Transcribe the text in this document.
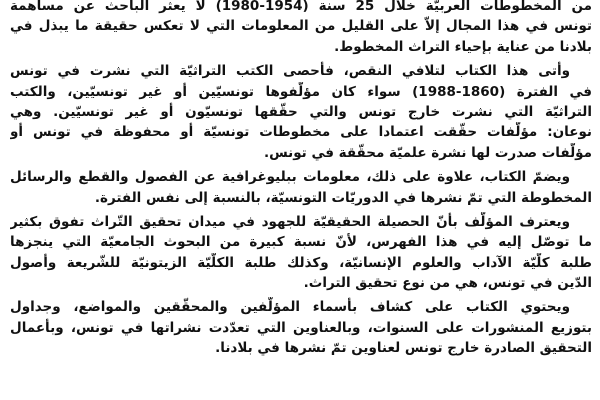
من المخطوطات العربيّة خلال 25 سنة (1954-1980) لا يعثر الباحث عن مساهمة
تونس في هذا المجال إلاّ على القليل من المعلومات التي لا تعكس حقيقة ما يبذل في
بلادنا من عناية بإحياء التراث المخطوط.
وأتى هذا الكتاب لتلافي النقص، فأحصى الكتب التراثيّة التي نشرت في تونس
في الفترة (1860-1988) سواء كان مؤلّفوها تونسيّين أو غير تونسيّين، والكتب
التراثيّة التي نشرت خارج تونس والتي حقّقها تونسيّون أو غير تونسيّين. وهي
نوعان: مؤلّفات حقّقت اعتمادا على مخطوطات تونسيّة أو محفوظة في تونس أو
مؤلّفات صدرت لها نشرة علميّة محقّقة في تونس.
ويضمّ الكتاب، علاوة على ذلك، معلومات ببليوغرافية عن الفصول والقطع والرسائل
المخطوطة التي تمّ نشرها في الدوريّات التونسيّة، بالنسبة إلى نفس الفترة.
ويعترف المؤلّف بأنّ الحصيلة الحقيقيّة للجهود في ميدان تحقيق التّراث تفوق بكثير
ما توصّل إليه في هذا الفهرس، لأنّ نسبة كبيرة من البحوث الجامعيّة التي ينجزها
طلبة كلّيّة الآداب والعلوم الإنسانيّة، وكذلك طلبة الكلّيّة الزيتونيّة للشّريعة وأصول
الدّين في تونس، هي من نوع تحقيق التراث.
ويحتوي الكتاب على كشاف بأسماء المؤلّفين والمحقّقين والمواضع، وجداول
بتوزيع المنشورات على السنوات، وبالعناوين التي تعدّدت نشراتها في تونس، وبأعمال
التحقيق الصادرة خارج تونس لعناوين تمّ نشرها في بلادنا.
